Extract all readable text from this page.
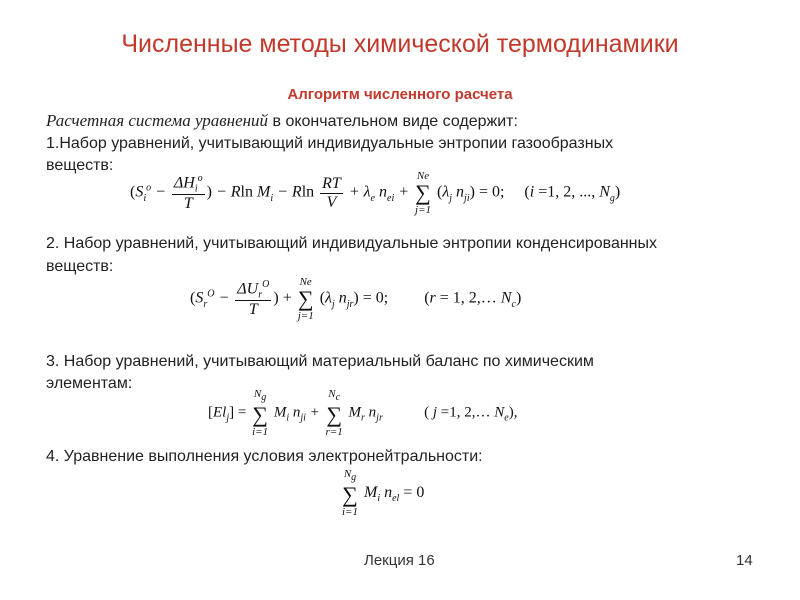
Численные методы химической термодинамики
Алгоритм численного расчета
Расчетная система уравнений в окончательном виде содержит:
1.Набор уравнений, учитывающий индивидуальные энтропии газообразных
веществ:
($S_i^o - \frac{\Delta H_i^o}{T}$ ) − Rln $M_i - Rln \frac{RT}{V} + \lambda_e$ $n_{ei}$ +
Ne
∑
j=1
($\lambda_j$ $n_{ji}) = 0$; (i =1, 2, ..., $N_g$)
2. Набор уравнений, учитывающий индивидуальные энтропии конденсированных
веществ:
($S_r^O - \frac{\Delta U_r^O}{T}$ ) +
Ne
∑
j=1
($\lambda_j$ $n_{jr}) = 0$; (r = 1, 2,… $N_c$)
3. Набор уравнений, учитывающий материальный баланс по химическим
элементам:
$[El_j]$ =
Ng
∑
i=1
$M_i$ $n_{ji}$ +
Nc
∑
r=1
$M_r$ $n_{jr}$	( j =1, 2,… $N_e$),
4. Уравнение выполнения условия электронейтральности:
Ng
∑
i=1
$M_i$ $n_{el} = 0$
Лекция 16	14
